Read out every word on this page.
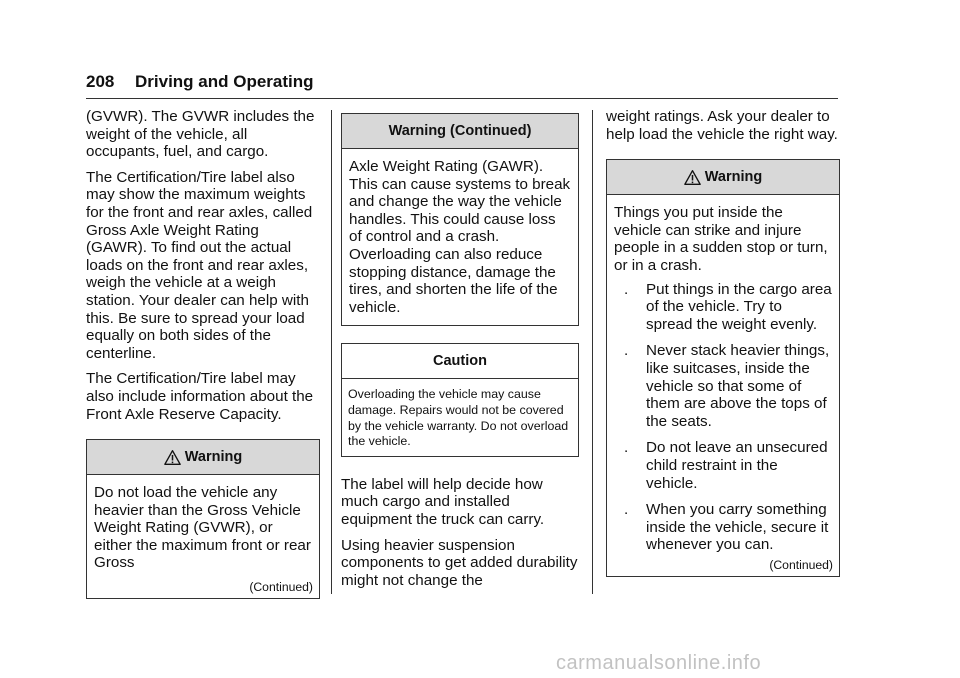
208 Driving and Operating

(GVWR). The GVWR includes the weight of the vehicle, all occupants, fuel, and cargo.

The Certification/Tire label also may show the maximum weights for the front and rear axles, called Gross Axle Weight Rating (GAWR). To find out the actual loads on the front and rear axles, weigh the vehicle at a weigh station. Your dealer can help with this. Be sure to spread your load equally on both sides of the centerline.

The Certification/Tire label may also include information about the Front Axle Reserve Capacity.

Warning
Do not load the vehicle any heavier than the Gross Vehicle Weight Rating (GVWR), or either the maximum front or rear Gross
(Continued)
Warning (Continued)
Axle Weight Rating (GAWR). This can cause systems to break and change the way the vehicle handles. This could cause loss of control and a crash. Overloading can also reduce stopping distance, damage the tires, and shorten the life of the vehicle.
Caution
Overloading the vehicle may cause damage. Repairs would not be covered by the vehicle warranty. Do not overload the vehicle.

The label will help decide how much cargo and installed equipment the truck can carry.

Using heavier suspension components to get added durability might not change the

weight ratings. Ask your dealer to help load the vehicle the right way.

Warning
Things you put inside the vehicle can strike and injure people in a sudden stop or turn, or in a crash.
. Put things in the cargo area of the vehicle. Try to spread the weight evenly.
. Never stack heavier things, like suitcases, inside the vehicle so that some of them are above the tops of the seats.
. Do not leave an unsecured child restraint in the vehicle.
. When you carry something inside the vehicle, secure it whenever you can.
(Continued)
carmanualsonline.info
